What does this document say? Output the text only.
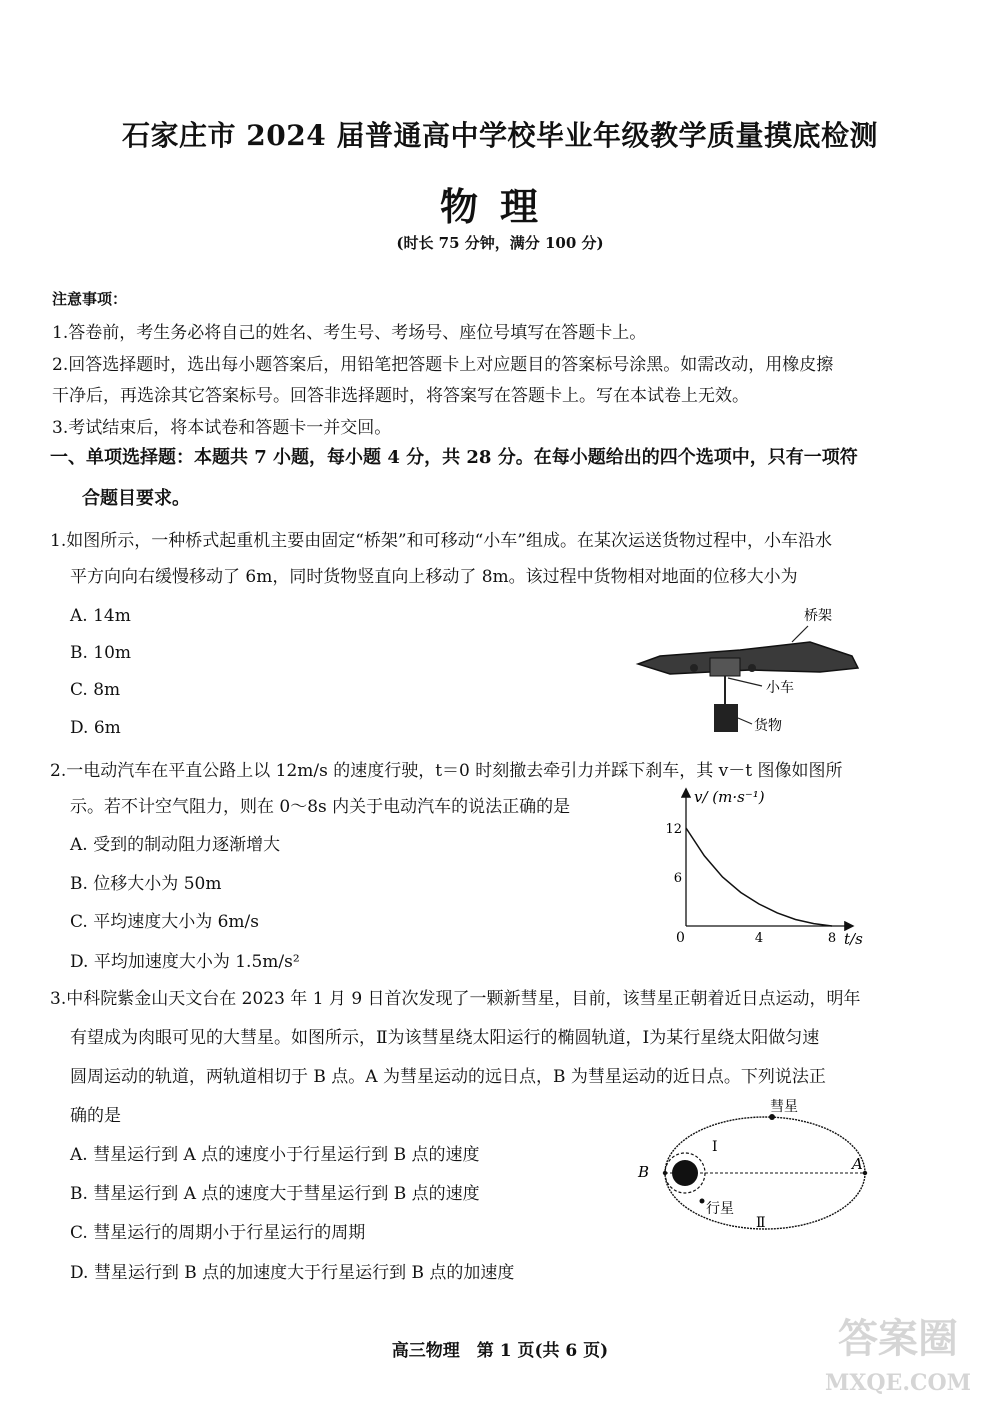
石家庄市 2024 届普通高中学校毕业年级教学质量摸底检测
物理
(时长 75 分钟，满分 100 分)
注意事项：
1.答卷前，考生务必将自己的姓名、考生号、考场号、座位号填写在答题卡上。
2.回答选择题时，选出每小题答案后，用铅笔把答题卡上对应题目的答案标号涂黑。如需改动，用橡皮擦
干净后，再选涂其它答案标号。回答非选择题时，将答案写在答题卡上。写在本试卷上无效。
3.考试结束后，将本试卷和答题卡一并交回。
一、单项选择题：本题共 7 小题，每小题 4 分，共 28 分。在每小题给出的四个选项中，只有一项符
合题目要求。
1.如图所示，一种桥式起重机主要由固定“桥架”和可移动“小车”组成。在某次运送货物过程中，小车沿水
平方向向右缓慢移动了 6m，同时货物竖直向上移动了 8m。该过程中货物相对地面的位移大小为
A. 14m
B. 10m
C. 8m
D. 6m
桥架
小车
货物
2.一电动汽车在平直公路上以 12m/s 的速度行驶，t＝0 时刻撤去牵引力并踩下刹车，其 v－t 图像如图所
示。若不计空气阻力，则在 0～8s 内关于电动汽车的说法正确的是
A. 受到的制动阻力逐渐增大
B. 位移大小为 50m
C. 平均速度大小为 6m/s
D. 平均加速度大小为 1.5m/s²
v/ (m·s⁻¹)
t/s
0	4	8
6
12
3.中科院紫金山天文台在 2023 年 1 月 9 日首次发现了一颗新彗星，目前，该彗星正朝着近日点运动，明年
有望成为肉眼可见的大彗星。如图所示，Ⅱ为该彗星绕太阳运行的椭圆轨道，Ⅰ为某行星绕太阳做匀速
圆周运动的轨道，两轨道相切于 B 点。A 为彗星运动的远日点，B 为彗星运动的近日点。下列说法正
确的是
A. 彗星运行到 A 点的速度小于行星运行到 B 点的速度
B. 彗星运行到 A 点的速度大于彗星运行到 B 点的速度
C. 彗星运行的周期小于行星运行的周期
D. 彗星运行到 B 点的加速度大于行星运行到 B 点的加速度
B	A
彗星
Ⅰ
行星
Ⅱ
高三物理　第 1 页(共 6 页)	答案圈
MXQE.COM
